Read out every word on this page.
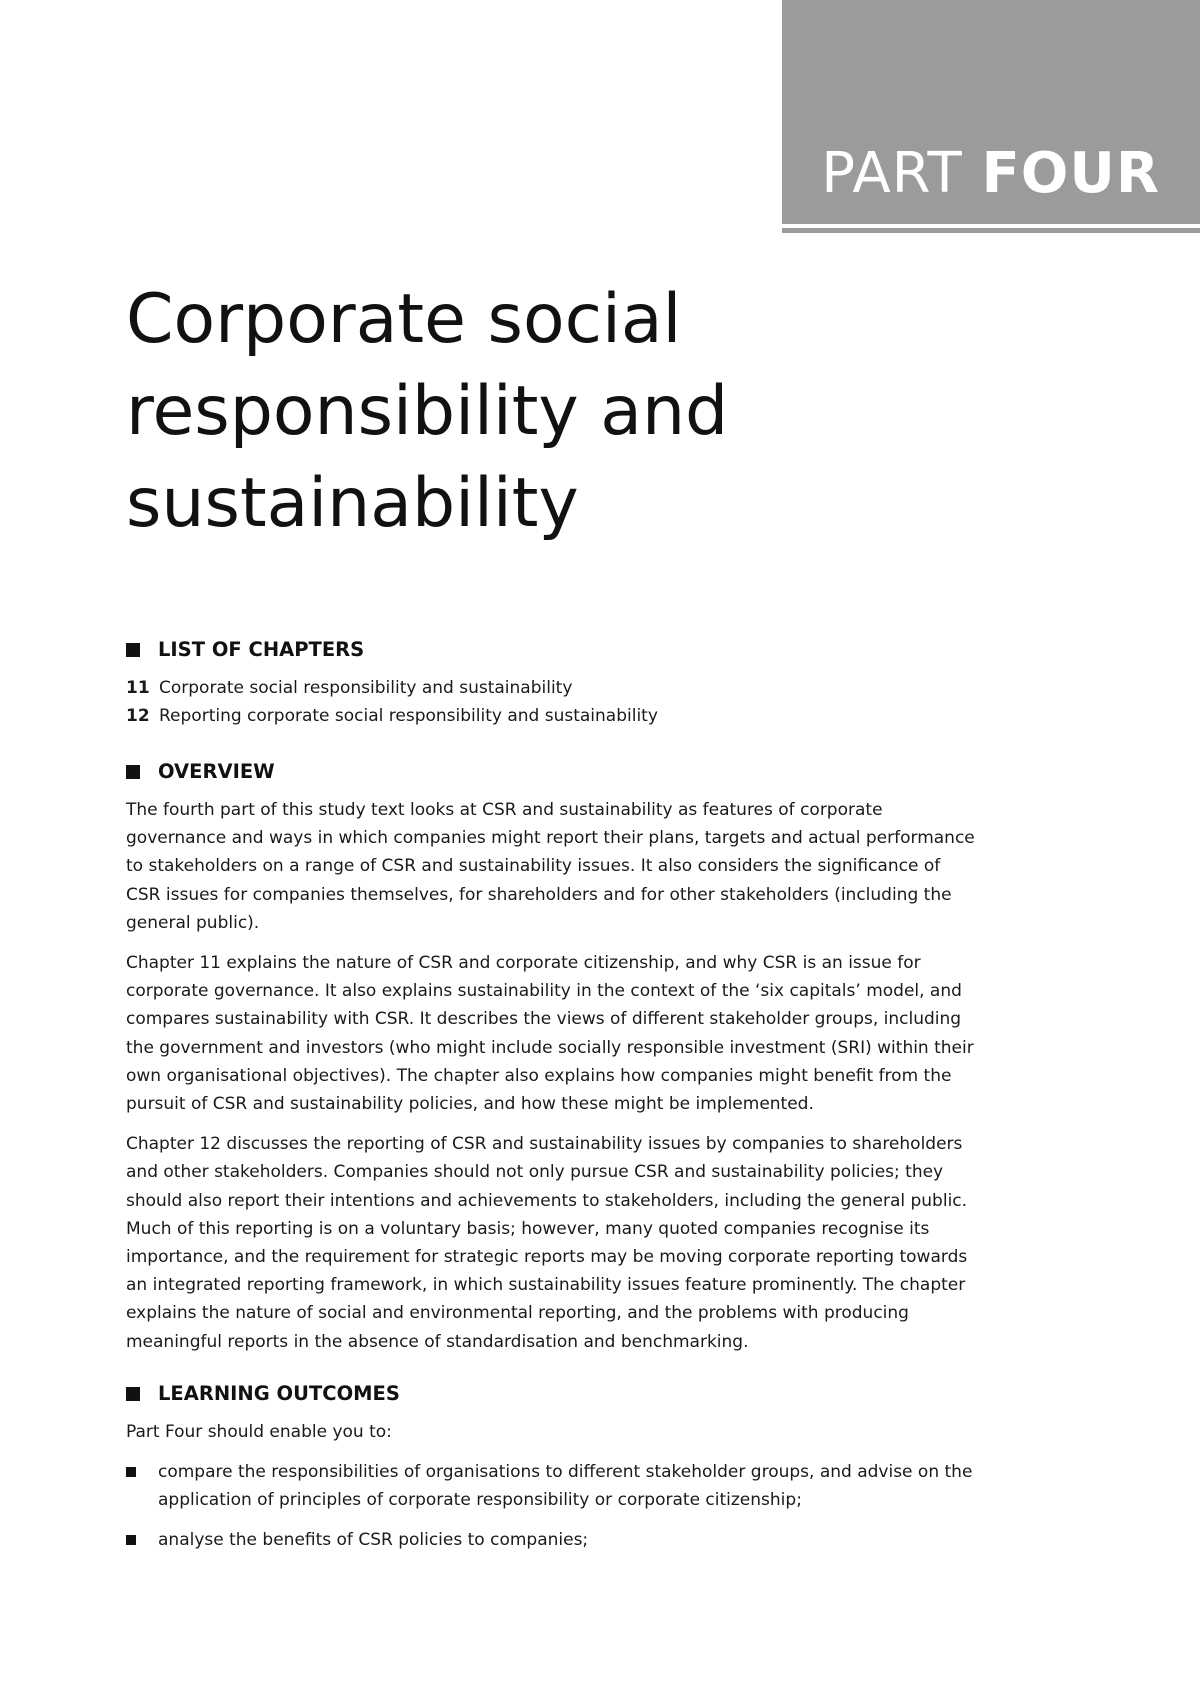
PART FOUR
Corporate social responsibility and sustainability
LIST OF CHAPTERS
11 Corporate social responsibility and sustainability
12 Reporting corporate social responsibility and sustainability
OVERVIEW

The fourth part of this study text looks at CSR and sustainability as features of corporate governance and ways in which companies might report their plans, targets and actual performance to stakeholders on a range of CSR and sustainability issues. It also considers the significance of CSR issues for companies themselves, for shareholders and for other stakeholders (including the general public).

Chapter 11 explains the nature of CSR and corporate citizenship, and why CSR is an issue for corporate governance. It also explains sustainability in the context of the ‘six capitals’ model, and compares sustainability with CSR. It describes the views of different stakeholder groups, including the government and investors (who might include socially responsible investment (SRI) within their own organisational objectives). The chapter also explains how companies might benefit from the pursuit of CSR and sustainability policies, and how these might be implemented.

Chapter 12 discusses the reporting of CSR and sustainability issues by companies to shareholders and other stakeholders. Companies should not only pursue CSR and sustainability policies; they should also report their intentions and achievements to stakeholders, including the general public. Much of this reporting is on a voluntary basis; however, many quoted companies recognise its importance, and the requirement for strategic reports may be moving corporate reporting towards an integrated reporting framework, in which sustainability issues feature prominently. The chapter explains the nature of social and environmental reporting, and the problems with producing meaningful reports in the absence of standardisation and benchmarking.

LEARNING OUTCOMES

Part Four should enable you to:

compare the responsibilities of organisations to different stakeholder groups, and advise on the application of principles of corporate responsibility or corporate citizenship;
analyse the benefits of CSR policies to companies;
